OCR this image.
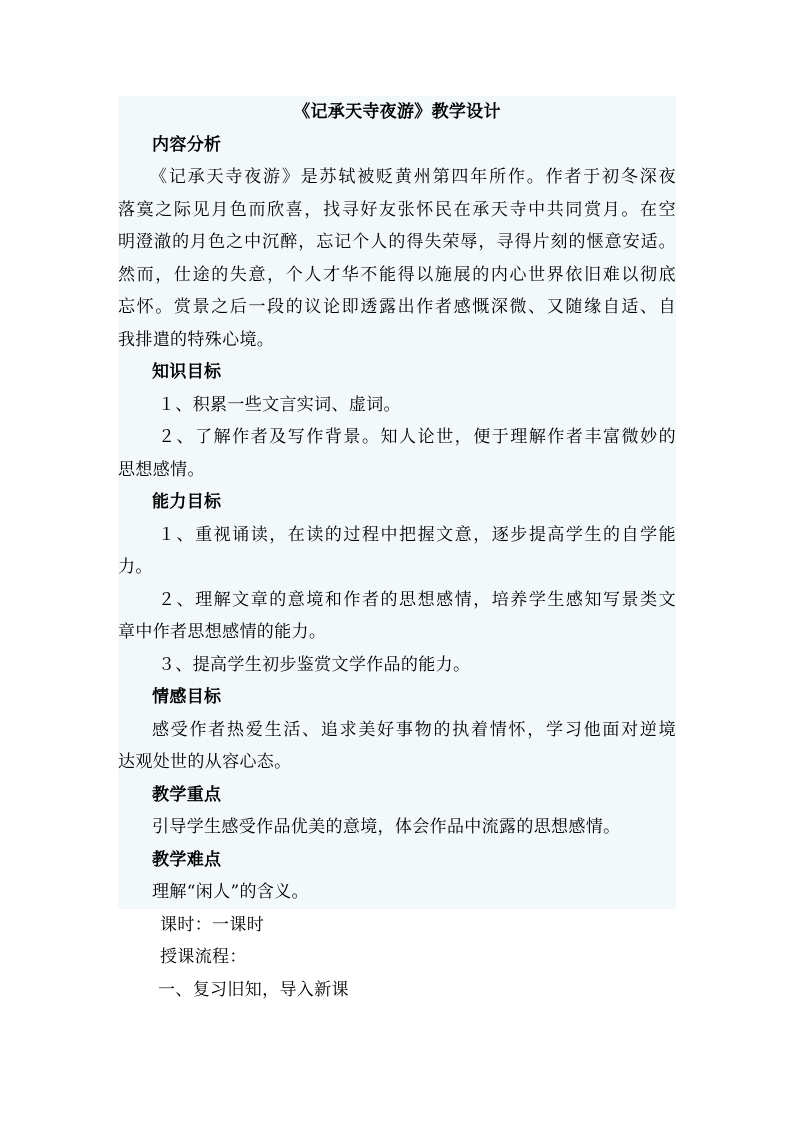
《记承天寺夜游》教学设计
内容分析
《记承天寺夜游》是苏轼被贬黄州第四年所作。作者于初冬深夜
落寞之际见月色而欣喜，找寻好友张怀民在承天寺中共同赏月。在空
明澄澈的月色之中沉醉，忘记个人的得失荣辱，寻得片刻的惬意安适。
然而，仕途的失意，个人才华不能得以施展的内心世界依旧难以彻底
忘怀。赏景之后一段的议论即透露出作者感慨深微、又随缘自适、自
我排遣的特殊心境。
知识目标
１、积累一些文言实词、虚词。
２、了解作者及写作背景。知人论世，便于理解作者丰富微妙的
思想感情。
能力目标
１、重视诵读，在读的过程中把握文意，逐步提高学生的自学能
力。
２、理解文章的意境和作者的思想感情，培养学生感知写景类文
章中作者思想感情的能力。
３、提高学生初步鉴赏文学作品的能力。
情感目标
感受作者热爱生活、追求美好事物的执着情怀，学习他面对逆境
达观处世的从容心态。
教学重点
引导学生感受作品优美的意境，体会作品中流露的思想感情。
教学难点
理解“闲人”的含义。
课时：一课时
授课流程：
一、复习旧知，导入新课
